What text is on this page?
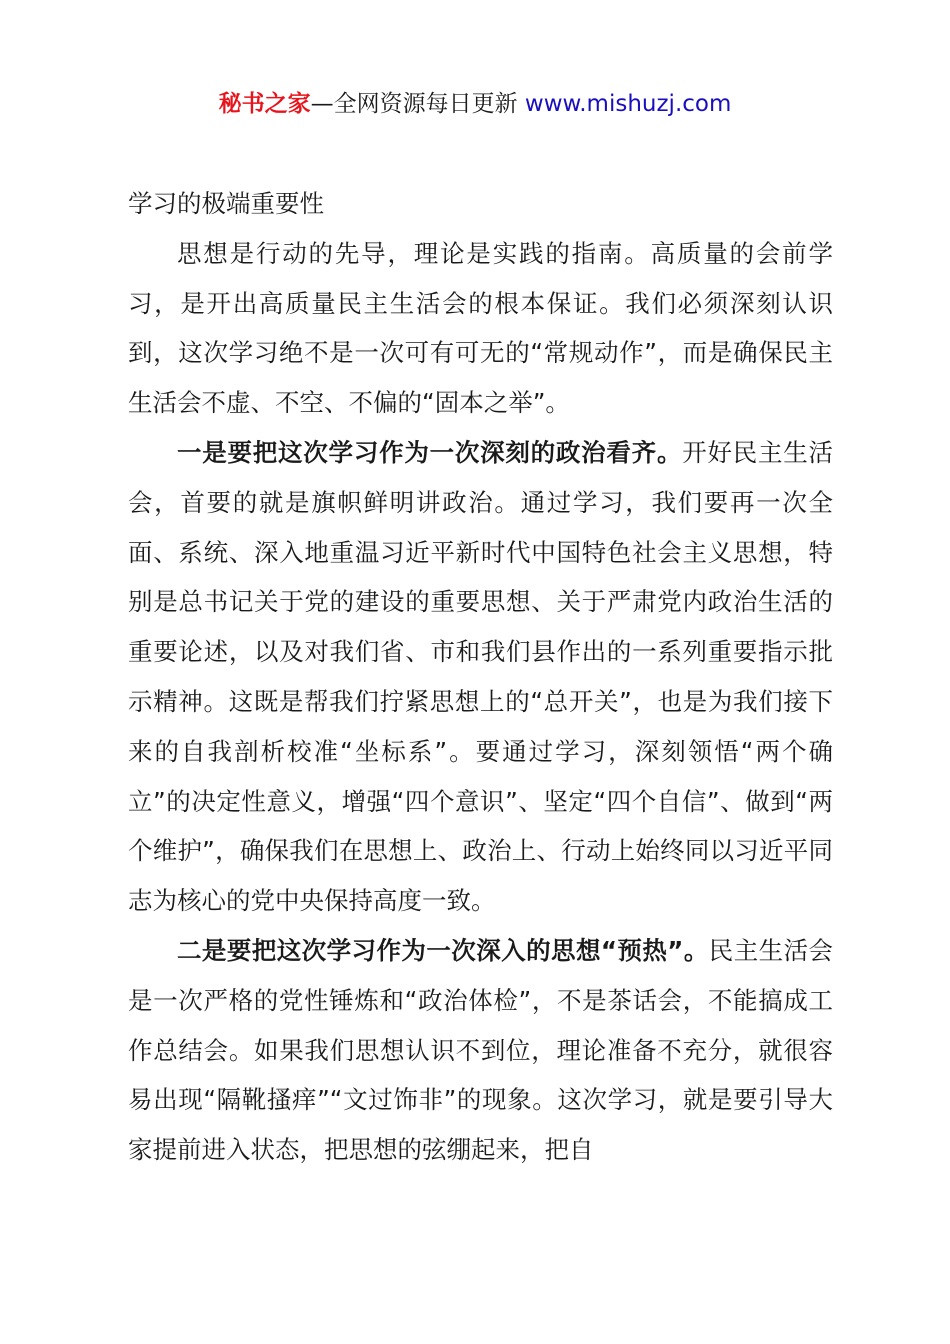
秘书之家—全网资源每日更新 www.mishuzj.com

学习的极端重要性

思想是行动的先导，理论是实践的指南。高质量的会前学习，是开出高质量民主生活会的根本保证。我们必须深刻认识到，这次学习绝不是一次可有可无的“常规动作”，而是确保民主生活会不虚、不空、不偏的“固本之举”。

一是要把这次学习作为一次深刻的政治看齐。开好民主生活会，首要的就是旗帜鲜明讲政治。通过学习，我们要再一次全面、系统、深入地重温习近平新时代中国特色社会主义思想，特别是总书记关于党的建设的重要思想、关于严肃党内政治生活的重要论述，以及对我们省、市和我们县作出的一系列重要指示批示精神。这既是帮我们拧紧思想上的“总开关”，也是为我们接下来的自我剖析校准“坐标系”。要通过学习，深刻领悟“两个确立”的决定性意义，增强“四个意识”、坚定“四个自信”、做到“两个维护”，确保我们在思想上、政治上、行动上始终同以习近平同志为核心的党中央保持高度一致。

二是要把这次学习作为一次深入的思想“预热”。民主生活会是一次严格的党性锤炼和“政治体检”，不是茶话会，不能搞成工作总结会。如果我们思想认识不到位，理论准备不充分，就很容易出现“隔靴搔痒”“文过饰非”的现象。这次学习，就是要引导大家提前进入状态，把思想的弦绷起来，把自
